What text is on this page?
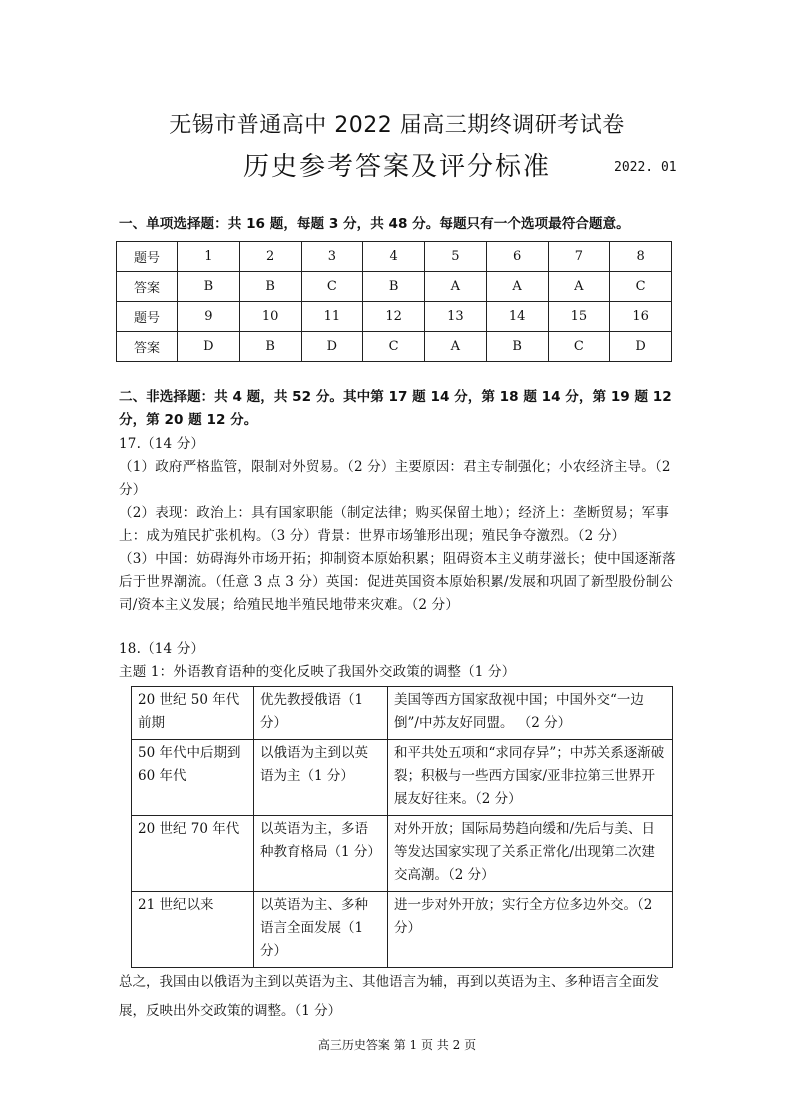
无锡市普通高中 2022 届高三期终调研考试卷
历史参考答案及评分标准	2022. 01
一、单项选择题：共 16 题，每题 3 分，共 48 分。每题只有一个选项最符合题意。
题号	1	2	3	4	5	6	7	8
答案	B	B	C	B	A	A	A	C
题号	9	10	11	12	13	14	15	16
答案	D	B	D	C	A	B	C	D
二、非选择题：共 4 题，共 52 分。其中第 17 题 14 分，第 18 题 14 分，第 19 题 12 分，第 20 题 12 分。

17.（14 分）

（1）政府严格监管，限制对外贸易。（2 分）主要原因：君主专制强化；小农经济主导。（2 分）

（2）表现：政治上：具有国家职能（制定法律；购买保留土地）；经济上：垄断贸易；军事上：成为殖民扩张机构。（3 分）背景：世界市场雏形出现；殖民争夺激烈。（2 分）

（3）中国：妨碍海外市场开拓；抑制资本原始积累；阻碍资本主义萌芽滋长；使中国逐渐落后于世界潮流。（任意 3 点 3 分）英国：促进英国资本原始积累/发展和巩固了新型股份制公司/资本主义发展；给殖民地半殖民地带来灾难。（2 分）

18.（14 分）

主题 1：外语教育语种的变化反映了我国外交政策的调整（1 分）

20 世纪 50 年代前期	优先教授俄语（1 分）	美国等西方国家敌视中国；中国外交“一边倒”/中苏友好同盟。 （2 分）
50 年代中后期到 60 年代	以俄语为主到以英语为主（1 分）	和平共处五项和“求同存异”；中苏关系逐渐破裂；积极与一些西方国家/亚非拉第三世界开展友好往来。（2 分）
20 世纪 70 年代	以英语为主，多语种教育格局（1 分）	对外开放；国际局势趋向缓和/先后与美、日等发达国家实现了关系正常化/出现第二次建交高潮。（2 分）
21 世纪以来	以英语为主、多种语言全面发展（1 分）	进一步对外开放；实行全方位多边外交。（2 分）
总之，我国由以俄语为主到以英语为主、其他语言为辅，再到以英语为主、多种语言全面发展，反映出外交政策的调整。（1 分）
高三历史答案 第 1 页 共 2 页
